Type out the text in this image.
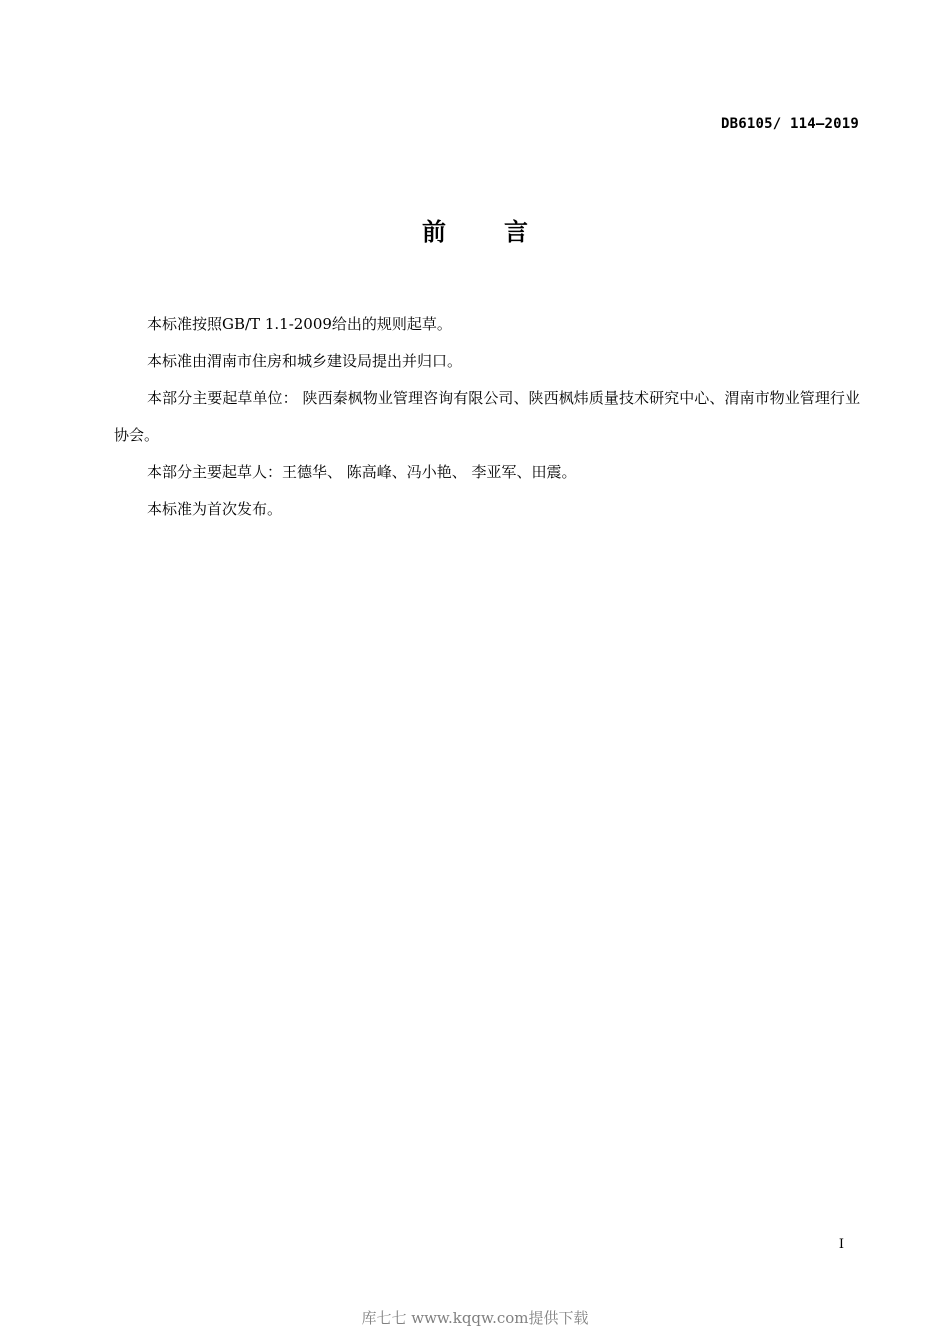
DB6105/ 114—2019
前 言

本标准按照GB/T 1.1-2009给出的规则起草。

本标准由渭南市住房和城乡建设局提出并归口。

本部分主要起草单位： 陕西秦枫物业管理咨询有限公司、陕西枫炜质量技术研究中心、渭南市物业管理行业协会。

本部分主要起草人：王德华、 陈高峰、冯小艳、 李亚军、田震。

本标准为首次发布。

I
库七七 www.kqqw.com提供下载
